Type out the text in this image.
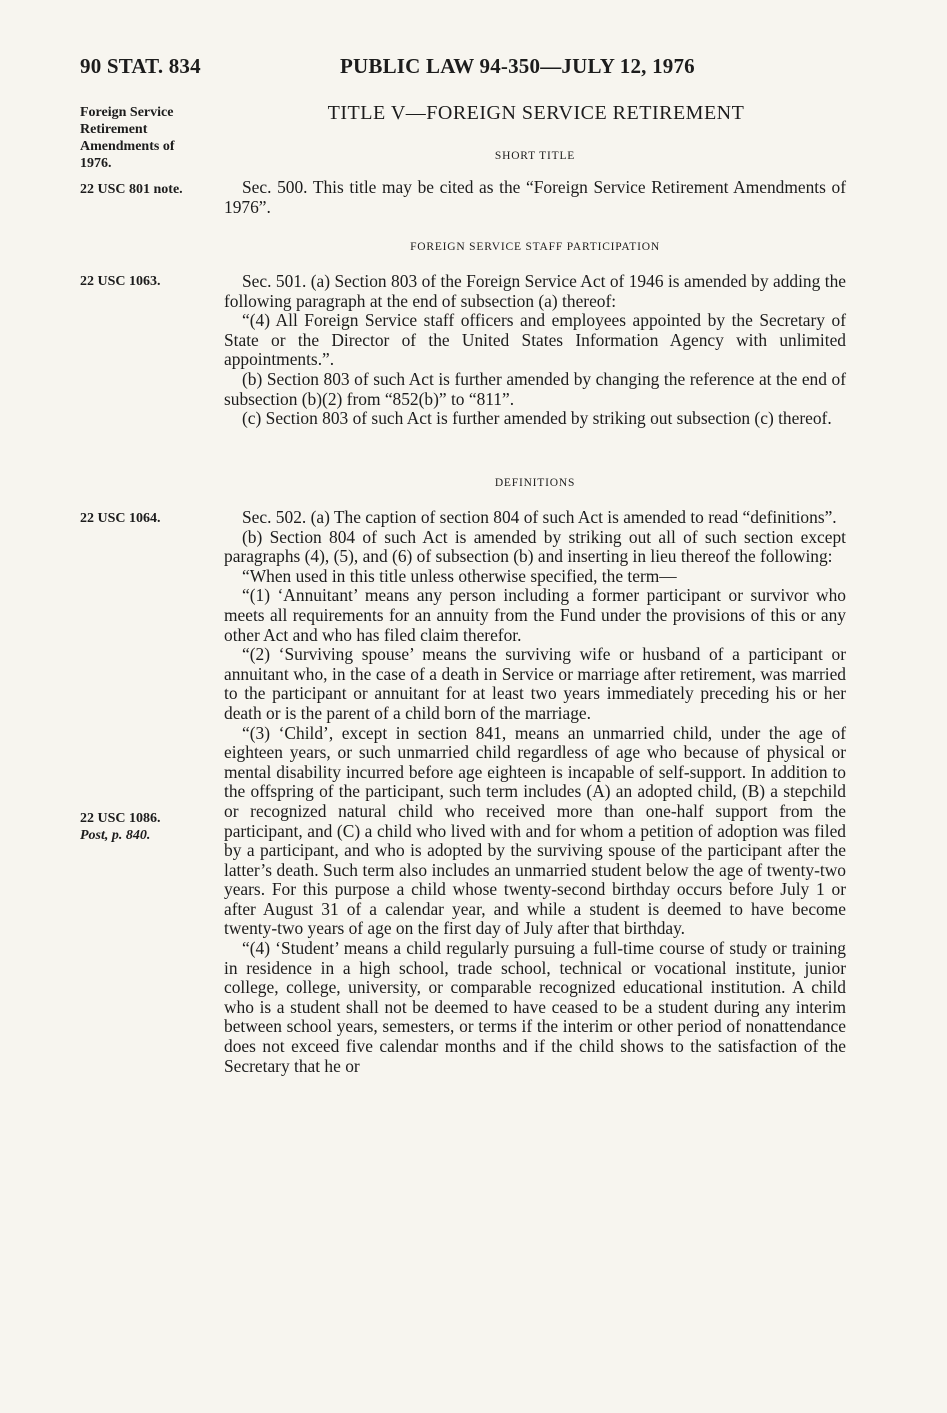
90 STAT. 834	PUBLIC LAW 94-350—JULY 12, 1976
Foreign Service
Retirement
Amendments of
1976.
22 USC 801 note.
22 USC 1063.
22 USC 1064.
22 USC 1086.
Post, p. 840.
TITLE V—FOREIGN SERVICE RETIREMENT
SHORT TITLE

Sec. 500. This title may be cited as the “Foreign Service Retirement Amendments of 1976”.

FOREIGN SERVICE STAFF PARTICIPATION

Sec. 501. (a) Section 803 of the Foreign Service Act of 1946 is amended by adding the following paragraph at the end of subsection (a) thereof:

“(4) All Foreign Service staff officers and employees appointed by the Secretary of State or the Director of the United States Information Agency with unlimited appointments.”.

(b) Section 803 of such Act is further amended by changing the reference at the end of subsection (b)(2) from “852(b)” to “811”.

(c) Section 803 of such Act is further amended by striking out subsection (c) thereof.

DEFINITIONS

Sec. 502. (a) The caption of section 804 of such Act is amended to read “definitions”.

(b) Section 804 of such Act is amended by striking out all of such section except paragraphs (4), (5), and (6) of subsection (b) and inserting in lieu thereof the following:

“When used in this title unless otherwise specified, the term—

“(1) ‘Annuitant’ means any person including a former participant or survivor who meets all requirements for an annuity from the Fund under the provisions of this or any other Act and who has filed claim therefor.

“(2) ‘Surviving spouse’ means the surviving wife or husband of a participant or annuitant who, in the case of a death in Service or marriage after retirement, was married to the participant or annuitant for at least two years immediately preceding his or her death or is the parent of a child born of the marriage.

“(3) ‘Child’, except in section 841, means an unmarried child, under the age of eighteen years, or such unmarried child regardless of age who because of physical or mental disability incurred before age eighteen is incapable of self-support. In addition to the offspring of the participant, such term includes (A) an adopted child, (B) a stepchild or recognized natural child who received more than one-half support from the participant, and (C) a child who lived with and for whom a petition of adoption was filed by a participant, and who is adopted by the surviving spouse of the participant after the latter’s death. Such term also includes an unmarried student below the age of twenty-two years. For this purpose a child whose twenty-second birthday occurs before July 1 or after August 31 of a calendar year, and while a student is deemed to have become twenty-two years of age on the first day of July after that birthday.

“(4) ‘Student’ means a child regularly pursuing a full-time course of study or training in residence in a high school, trade school, technical or vocational institute, junior college, college, university, or comparable recognized educational institution. A child who is a student shall not be deemed to have ceased to be a student during any interim between school years, semesters, or terms if the interim or other period of nonattendance does not exceed five calendar months and if the child shows to the satisfaction of the Secretary that he or
